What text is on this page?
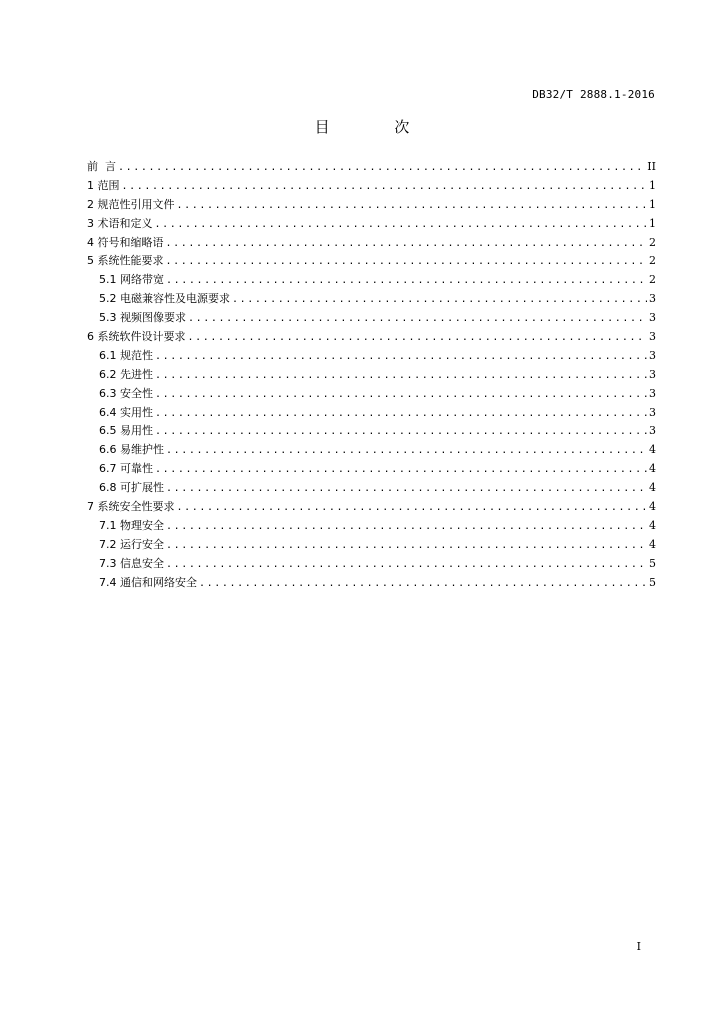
DB32/T 2888.1-2016
目 次
前  言 .....	II
1 范围 .....	1
2 规范性引用文件 .....	1
3 术语和定义 .....	1
4 符号和缩略语 .....	2
5 系统性能要求 .....	2
5.1 网络带宽 .....	2
5.2 电磁兼容性及电源要求 .....	3
5.3 视频图像要求 .....	3
6 系统软件设计要求 .....	3
6.1 规范性 .....	3
6.2 先进性 .....	3
6.3 安全性 .....	3
6.4 实用性 .....	3
6.5 易用性 .....	3
6.6 易维护性 .....	4
6.7 可靠性 .....	4
6.8 可扩展性 .....	4
7 系统安全性要求 .....	4
7.1 物理安全 .....	4
7.2 运行安全 .....	4
7.3 信息安全 .....	5
7.4 通信和网络安全 .....	5
I
